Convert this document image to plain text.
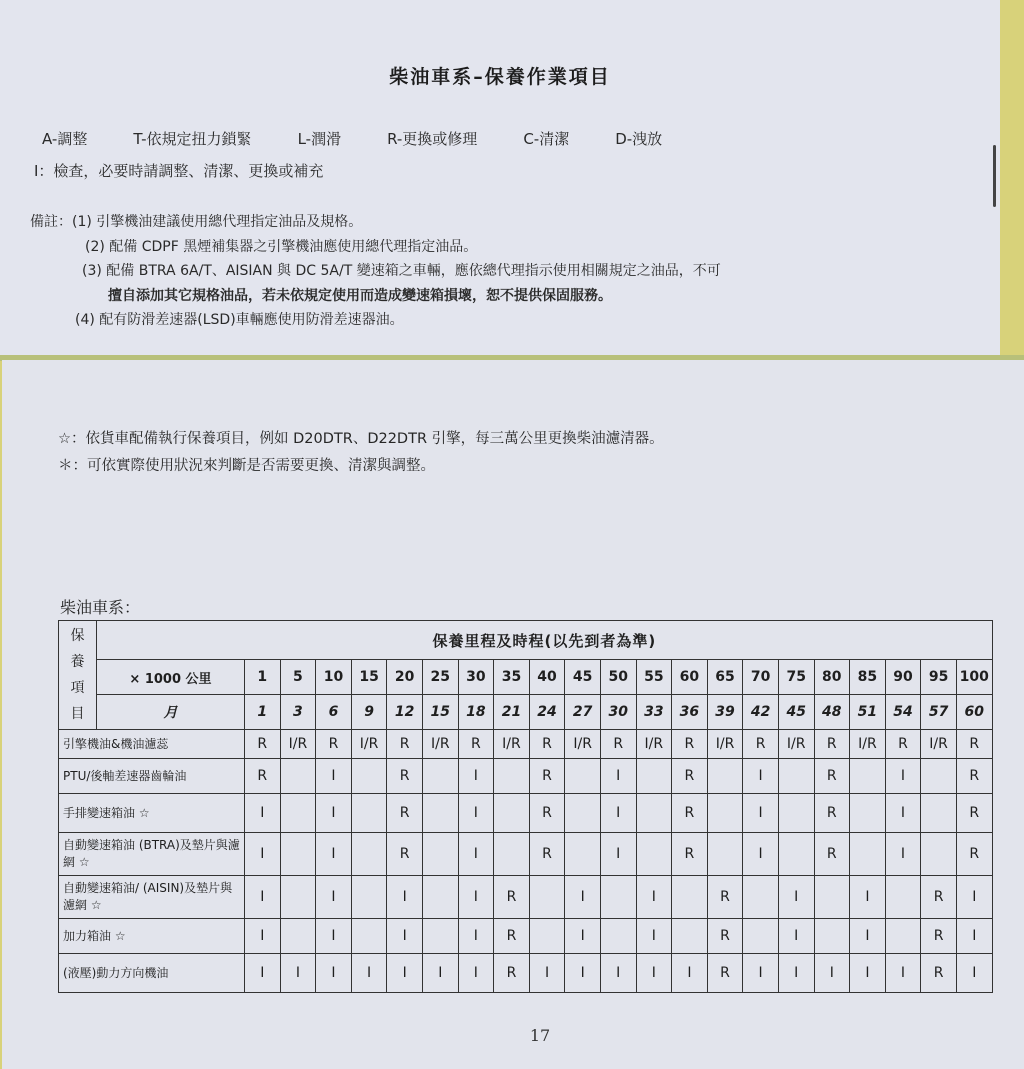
柴油車系–保養作業項目
A-調整	T-依規定扭力鎖緊	L-潤滑	R-更換或修理	C-清潔	D-洩放
I：檢查，必要時請調整、清潔、更換或補充
備註：(1) 引擎機油建議使用總代理指定油品及規格。
(2) 配備 CDPF 黑煙補集器之引擎機油應使用總代理指定油品。
(3) 配備 BTRA 6A/T、AISIAN 與 DC 5A/T 變速箱之車輛，應依總代理指示使用相關規定之油品，不可
擅自添加其它規格油品，若未依規定使用而造成變速箱損壞，恕不提供保固服務。
(4) 配有防滑差速器(LSD)車輛應使用防滑差速器油。
☆：依貨車配備執行保養項目，例如 D20DTR、D22DTR 引擎，每三萬公里更換柴油濾清器。
＊：可依實際使用狀況來判斷是否需要更換、清潔與調整。
柴油車系：
保
養
項
目	保養里程及時程(以先到者為準)																					
	× 1000 公里	1	5	10	15	20	25	30	35	40	45	50	55	60	65	70	75	80	85	90	95	100
	月	1	3	6	9	12	15	18	21	24	27	30	33	36	39	42	45	48	51	54	57	60
引擎機油&機油濾蕊		R	I/R	R	I/R	R	I/R	R	I/R	R	I/R	R	I/R	R	I/R	R	I/R	R	I/R	R	I/R	R
PTU/後軸差速器齒輪油		R		I		R		I		R		I		R		I		R		I		R
手排變速箱油 ☆		I		I		R		I		R		I		R		I		R		I		R
自動變速箱油 (BTRA)及墊片與濾網 ☆		I		I		R		I		R		I		R		I		R		I		R
自動變速箱油/ (AISIN)及墊片與濾網 ☆		I		I		I		I	R		I		I		R		I		I		R	I
加力箱油 ☆		I		I		I		I	R		I		I		R		I		I		R	I
(液壓)動力方向機油		I	I	I	I	I	I	I	R	I	I	I	I	I	R	I	I	I	I	I	R	I
17
